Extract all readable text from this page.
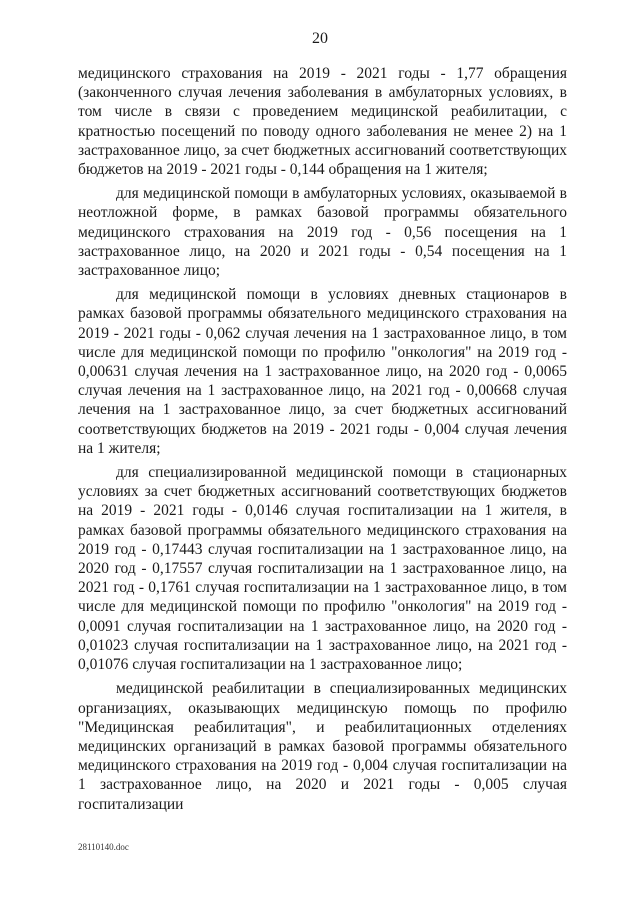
20

медицинского страхования на 2019 - 2021 годы - 1,77 обращения (законченного случая лечения заболевания в амбулаторных условиях, в том числе в связи с проведением медицинской реабилитации, с кратностью посещений по поводу одного заболевания не менее 2) на 1 застрахованное лицо, за счет бюджетных ассигнований соответствующих бюджетов на 2019 - 2021 годы - 0,144 обращения на 1 жителя;

для медицинской помощи в амбулаторных условиях, оказываемой в неотложной форме, в рамках базовой программы обязательного медицинского страхования на 2019 год - 0,56 посещения на 1 застрахованное лицо, на 2020 и 2021 годы - 0,54 посещения на 1 застрахованное лицо;

для медицинской помощи в условиях дневных стационаров в рамках базовой программы обязательного медицинского страхования на 2019 - 2021 годы - 0,062 случая лечения на 1 застрахованное лицо, в том числе для медицинской помощи по профилю "онкология" на 2019 год - 0,00631 случая лечения на 1 застрахованное лицо, на 2020 год - 0,0065 случая лечения на 1 застрахованное лицо, на 2021 год - 0,00668 случая лечения на 1 застрахованное лицо, за счет бюджетных ассигнований соответствующих бюджетов на 2019 - 2021 годы - 0,004 случая лечения на 1 жителя;

для специализированной медицинской помощи в стационарных условиях за счет бюджетных ассигнований соответствующих бюджетов на 2019 - 2021 годы - 0,0146 случая госпитализации на 1 жителя, в рамках базовой программы обязательного медицинского страхования на 2019 год - 0,17443 случая госпитализации на 1 застрахованное лицо, на 2020 год - 0,17557 случая госпитализации на 1 застрахованное лицо, на 2021 год - 0,1761 случая госпитализации на 1 застрахованное лицо, в том числе для медицинской помощи по профилю "онкология" на 2019 год - 0,0091 случая госпитализации на 1 застрахованное лицо, на 2020 год - 0,01023 случая госпитализации на 1 застрахованное лицо, на 2021 год - 0,01076 случая госпитализации на 1 застрахованное лицо;

медицинской реабилитации в специализированных медицинских организациях, оказывающих медицинскую помощь по профилю "Медицинская реабилитация", и реабилитационных отделениях медицинских организаций в рамках базовой программы обязательного медицинского страхования на 2019 год - 0,004 случая госпитализации на 1 застрахованное лицо, на 2020 и 2021 годы - 0,005 случая госпитализации

28110140.doc
